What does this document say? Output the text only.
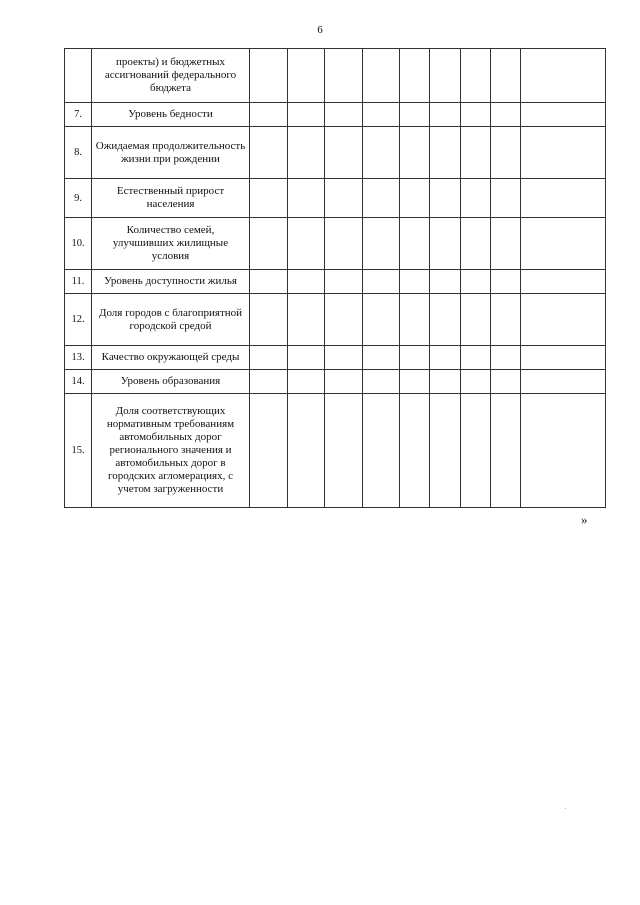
6
	проекты) и бюджетных ассигнований федерального бюджета									
7.	Уровень бедности									
8.	Ожидаемая продолжительность жизни при рождении									
9.	Естественный прирост населения									
10.	Количество семей, улучшивших жилищные условия									
11.	Уровень доступности жилья									
12.	Доля городов с благоприятной городской средой									
13.	Качество окружающей среды									
14.	Уровень образования									
15.	Доля соответствующих нормативным требованиям автомобильных дорог регионального значения и автомобильных дорог в городских агломерациях, с учетом загруженности									
»
